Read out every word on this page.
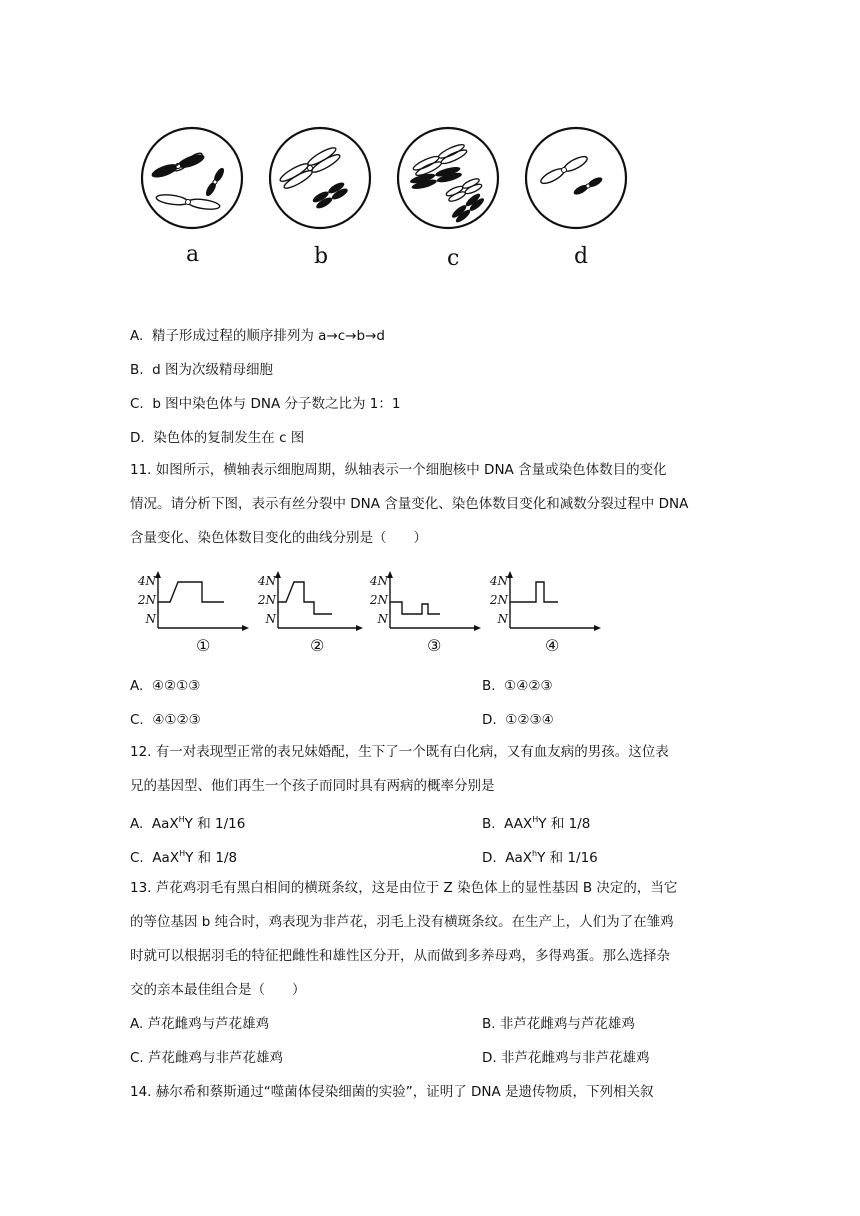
a	b	c	d
A. 精子形成过程的顺序排列为 a→c→b→d
B. d 图为次级精母细胞
C. b 图中染色体与 DNA 分子数之比为 1：1
D. 染色体的复制发生在 c 图
11. 如图所示，横轴表示细胞周期，纵轴表示一个细胞核中 DNA 含量或染色体数目的变化
情况。请分析下图，表示有丝分裂中 DNA 含量变化、染色体数目变化和减数分裂过程中 DNA
含量变化、染色体数目变化的曲线分别是（　　）
4N
2N
N
4N
2N
N
4N
2N
N
4N
2N
N
①	②	③	④
A. ④②①③	B. ①④②③
C. ④①②③	D. ①②③④
12. 有一对表现型正常的表兄妹婚配，生下了一个既有白化病，又有血友病的男孩。这位表
兄的基因型、他们再生一个孩子而同时具有两病的概率分别是
A. AaX$^H$Y 和 1/16	B. $AAX^HY$ 和 1/8
C. AaX$^H$Y 和 1/8	D. AaX$^h$Y 和 1/16
13. 芦花鸡羽毛有黑白相间的横斑条纹，这是由位于 Z 染色体上的显性基因 B 决定的，当它
的等位基因 b 纯合时，鸡表现为非芦花，羽毛上没有横斑条纹。在生产上，人们为了在雏鸡
时就可以根据羽毛的特征把雌性和雄性区分开，从而做到多养母鸡，多得鸡蛋。那么选择杂
交的亲本最佳组合是（　　）
A. 芦花雌鸡与芦花雄鸡	B. 非芦花雌鸡与芦花雄鸡
C. 芦花雌鸡与非芦花雄鸡	D. 非芦花雌鸡与非芦花雄鸡
14. 赫尔希和蔡斯通过“噬菌体侵染细菌的实验”，证明了 DNA 是遗传物质，下列相关叙
